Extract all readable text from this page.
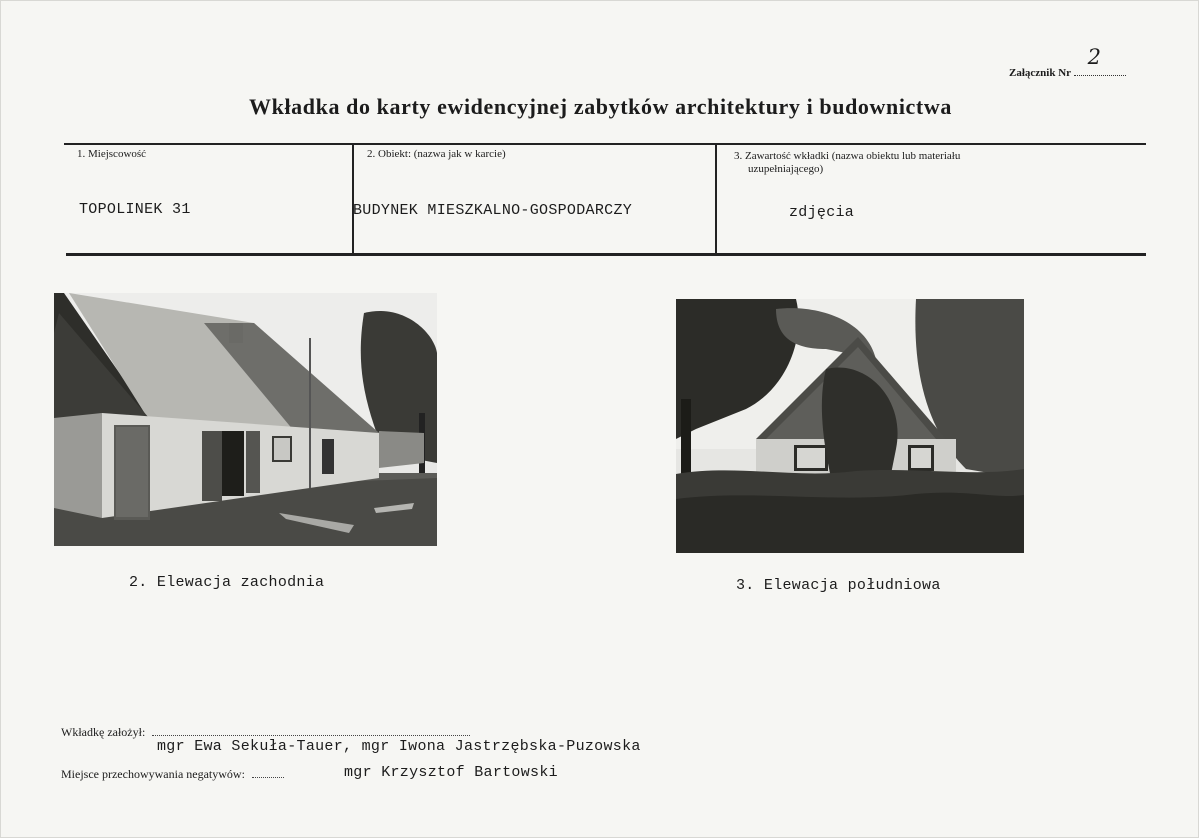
Załącznik Nr
2
Wkładka do karty ewidencyjnej zabytków architektury i budownictwa
1. Miejscowość
TOPOLINEK 31
2. Obiekt: (nazwa jak w karcie)
BUDYNEK MIESZKALNO-GOSPODARCZY
3. Zawartość wkładki (nazwa obiektu lub materiału
uzupełniającego)
zdjęcia
2. Elewacja zachodnia	3. Elewacja południowa
Wkładkę założył:
mgr Ewa Sekuła-Tauer, mgr Iwona Jastrzębska-Puzowska
Miejsce przechowywania negatywów:	mgr Krzysztof Bartowski
